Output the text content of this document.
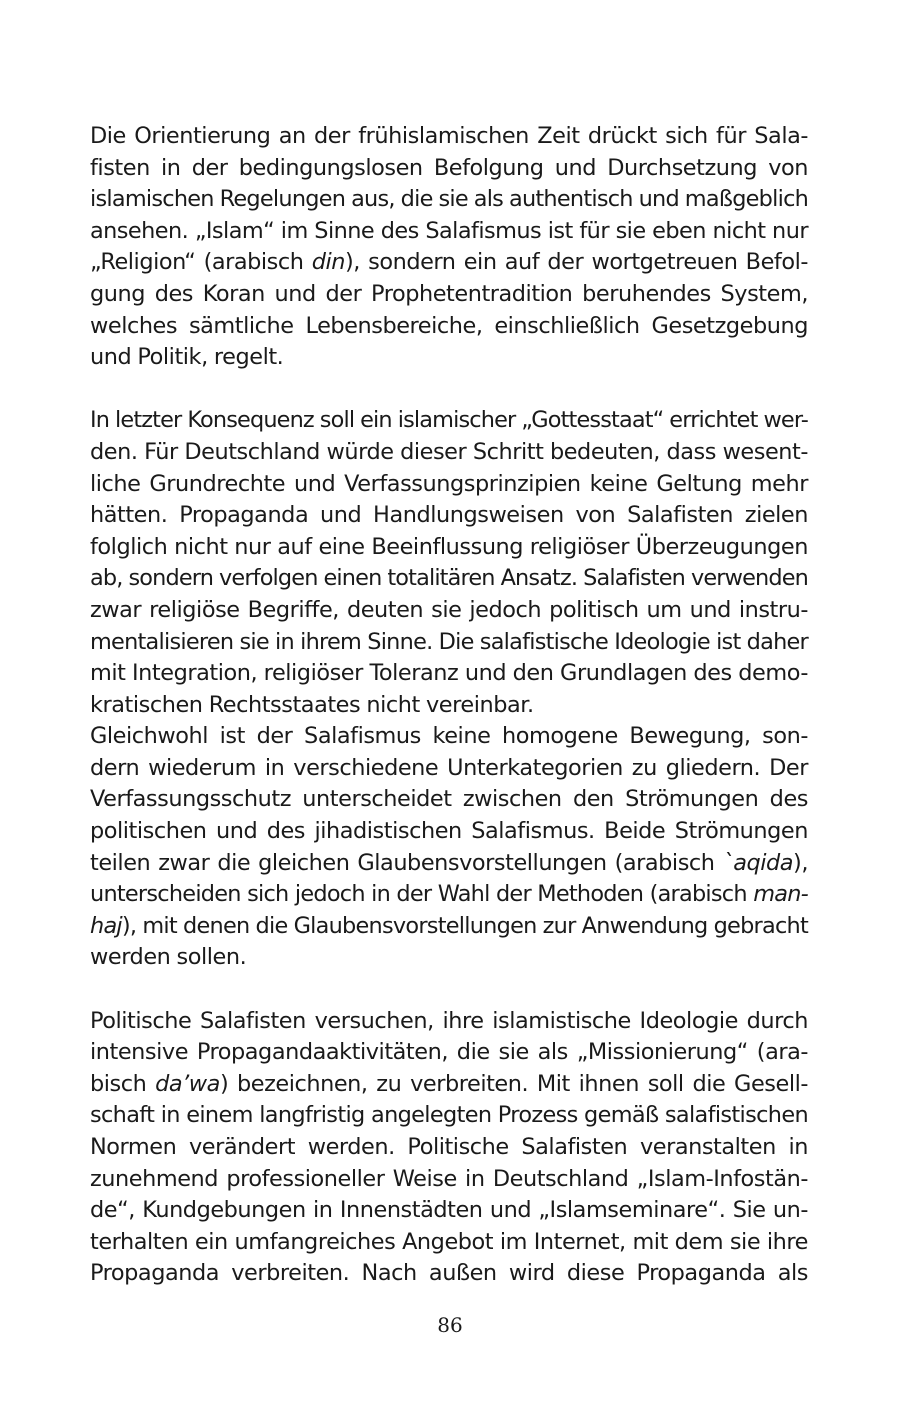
Die Orientierung an der frühislamischen Zeit drückt sich für Sala-
fisten in der bedingungslosen Befolgung und Durchsetzung von
islamischen Regelungen aus, die sie als authentisch und maßgeblich
ansehen. „Islam“ im Sinne des Salafismus ist für sie eben nicht nur
„Religion“ (arabisch din), sondern ein auf der wortgetreuen Befol-
gung des Koran und der Prophetentradition beruhendes System,
welches sämtliche Lebensbereiche, einschließlich Gesetzgebung
und Politik, regelt.

In letzter Konsequenz soll ein islamischer „Gottesstaat“ errichtet wer-
den. Für Deutschland würde dieser Schritt bedeuten, dass wesent-
liche Grundrechte und Verfassungsprinzipien keine Geltung mehr
hätten. Propaganda und Handlungsweisen von Salafisten zielen
folglich nicht nur auf eine Beeinflussung religiöser Überzeugungen
ab, sondern verfolgen einen totalitären Ansatz. Salafisten verwenden
zwar religiöse Begriffe, deuten sie jedoch politisch um und instru-
mentalisieren sie in ihrem Sinne. Die salafistische Ideologie ist daher
mit Integration, religiöser Toleranz und den Grundlagen des demo-
kratischen Rechtsstaates nicht vereinbar.

Gleichwohl ist der Salafismus keine homogene Bewegung, son-
dern wiederum in verschiedene Unterkategorien zu gliedern. Der
Verfassungsschutz unterscheidet zwischen den Strömungen des
politischen und des jihadistischen Salafismus. Beide Strömungen
teilen zwar die gleichen Glaubensvorstellungen (arabisch `aqida),
unterscheiden sich jedoch in der Wahl der Methoden (arabisch man-
haj), mit denen die Glaubensvorstellungen zur Anwendung gebracht
werden sollen.

Politische Salafisten versuchen, ihre islamistische Ideologie durch
intensive Propagandaaktivitäten, die sie als „Missionierung“ (ara-
bisch da’wa) bezeichnen, zu verbreiten. Mit ihnen soll die Gesell-
schaft in einem langfristig angelegten Prozess gemäß salafistischen
Normen verändert werden. Politische Salafisten veranstalten in
zunehmend professioneller Weise in Deutschland „Islam-Infostän-
de“, Kundgebungen in Innenstädten und „Islamseminare“. Sie un-
terhalten ein umfangreiches Angebot im Internet, mit dem sie ihre
Propaganda verbreiten. Nach außen wird diese Propaganda als

86
